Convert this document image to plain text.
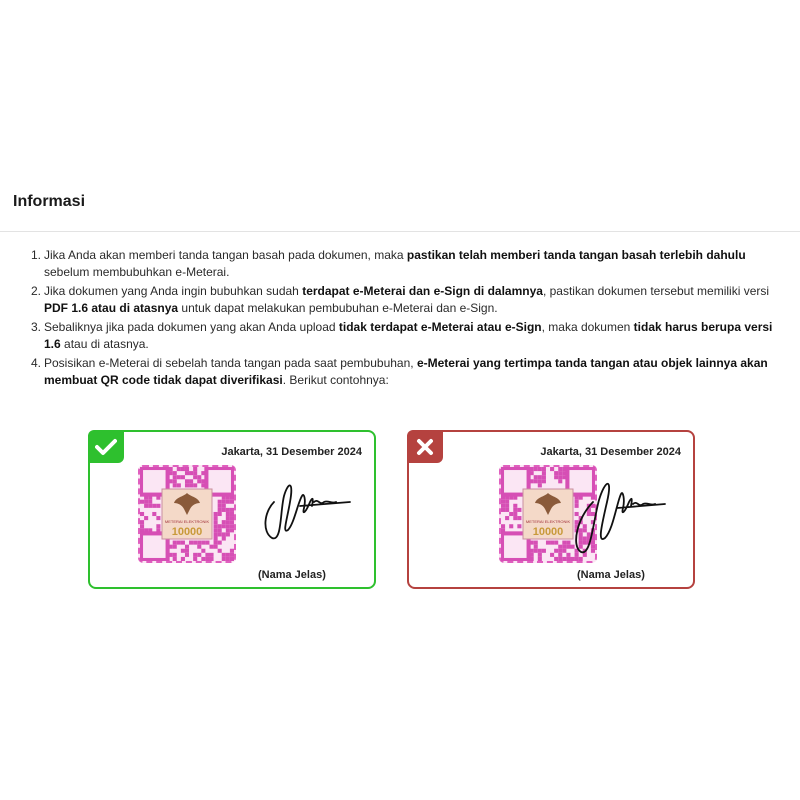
Informasi
1. Jika Anda akan memberi tanda tangan basah pada dokumen, maka pastikan telah memberi tanda tangan basah terlebih dahulu sebelum membubuhkan e-Meterai.
2. Jika dokumen yang Anda ingin bubuhkan sudah terdapat e-Meterai dan e-Sign di dalamnya, pastikan dokumen tersebut memiliki versi PDF 1.6 atau di atasnya untuk dapat melakukan pembubuhan e-Meterai dan e-Sign.
3. Sebaliknya jika pada dokumen yang akan Anda upload tidak terdapat e-Meterai atau e-Sign, maka dokumen tidak harus berupa versi 1.6 atau di atasnya.
4. Posisikan e-Meterai di sebelah tanda tangan pada saat pembubuhan, e-Meterai yang tertimpa tanda tangan atau objek lainnya akan membuat QR code tidak dapat diverifikasi. Berikut contohnya:
Jakarta, 31 Desember 2024
METERAI ELEKTRONIK
10000
(Nama Jelas)
Jakarta, 31 Desember 2024
METERAI ELEKTRONIK
10000
(Nama Jelas)
